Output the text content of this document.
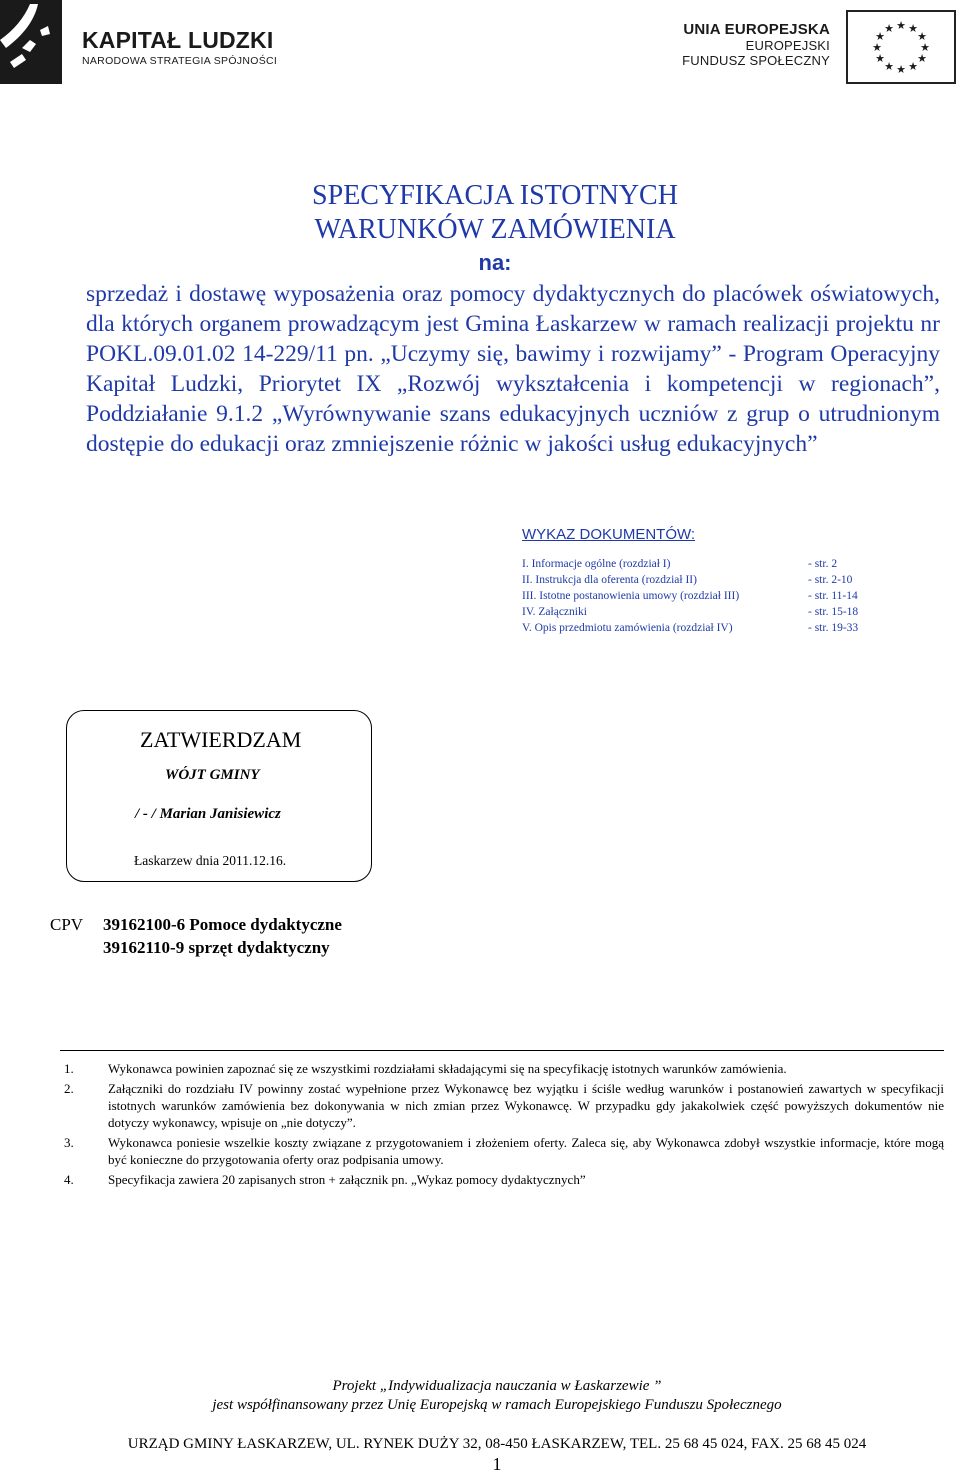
KAPITAŁ LUDZKI
NARODOWA STRATEGIA SPÓJNOŚCI
UNIA EUROPEJSKA
EUROPEJSKI
FUNDUSZ SPOŁECZNY
★ ★
★
★
★
★
★
★
★
★
★
★
SPECYFIKACJA ISTOTNYCH
WARUNKÓW ZAMÓWIENIA
na:
sprzedaż i dostawę wyposażenia oraz pomocy dydaktycznych do placówek oświatowych, dla których organem prowadzącym jest Gmina Łaskarzew w ramach realizacji projektu nr POKL.09.01.02 14-229/11 pn. „Uczymy się, bawimy i rozwijamy” - Program Operacyjny Kapitał Ludzki, Priorytet IX „Rozwój wykształcenia i kompetencji w regionach”, Poddziałanie 9.1.2 „Wyrównywanie szans edukacyjnych uczniów z grup o utrudnionym dostępie do edukacji oraz zmniejszenie różnic w jakości usług edukacyjnych”
WYKAZ DOKUMENTÓW:
I. Informacje ogólne (rozdział I)	- str. 2
II. Instrukcja dla oferenta (rozdział II)	- str. 2-10
III. Istotne postanowienia umowy (rozdział III)	- str. 11-14
IV. Załączniki	- str. 15-18
V. Opis przedmiotu zamówienia (rozdział IV)	- str. 19-33
ZATWIERDZAM
WÓJT GMINY
/ - / Marian Janisiewicz
Łaskarzew dnia 2011.12.16.
CPV 39162100-6 Pomoce dydaktyczne
39162110-9 sprzęt dydaktyczny
1.	Wykonawca powinien zapoznać się ze wszystkimi rozdziałami składającymi się na specyfikację istotnych warunków zamówienia.
2.	Załączniki do rozdziału IV powinny zostać wypełnione przez Wykonawcę bez wyjątku i ściśle według warunków i postanowień zawartych w specyfikacji istotnych warunków zamówienia bez dokonywania w nich zmian przez Wykonawcę. W przypadku gdy jakakolwiek część powyższych dokumentów nie dotyczy wykonawcy, wpisuje on „nie dotyczy”.
3.	Wykonawca poniesie wszelkie koszty związane z przygotowaniem i złożeniem oferty. Zaleca się, aby Wykonawca zdobył wszystkie informacje, które mogą być konieczne do przygotowania oferty oraz podpisania umowy.
4.	Specyfikacja zawiera 20 zapisanych stron + załącznik pn. „Wykaz pomocy dydaktycznych”
Projekt „Indywidualizacja nauczania w Łaskarzewie ”
jest współfinansowany przez Unię Europejską w ramach Europejskiego Funduszu Społecznego
URZĄD GMINY ŁASKARZEW, UL. RYNEK DUŻY 32, 08-450 ŁASKARZEW, TEL. 25 68 45 024, FAX. 25 68 45 024
1
